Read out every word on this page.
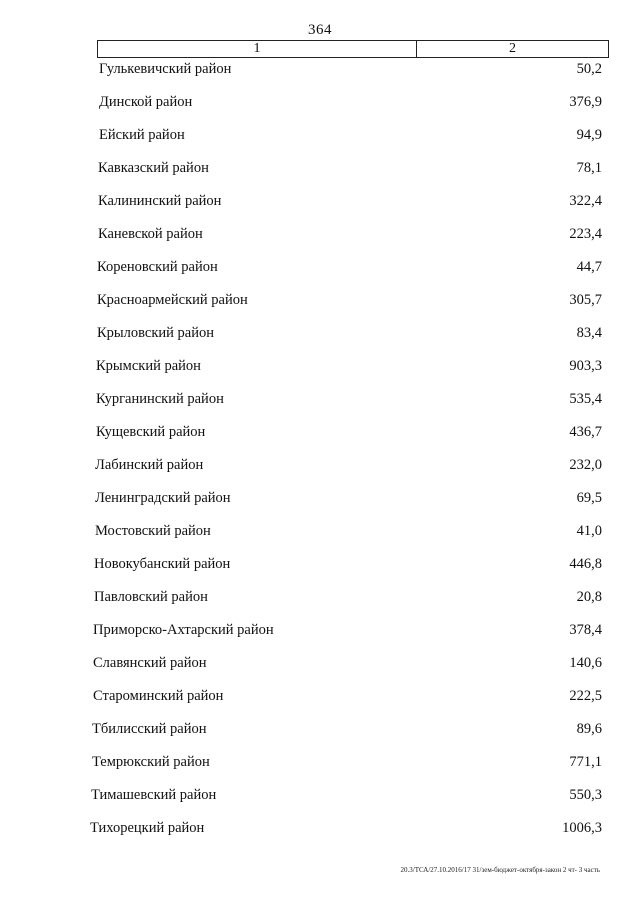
364
1	2
Гулькевичский район	50,2
Динской район	376,9
Ейский район	94,9
Кавказский район	78,1
Калининский район	322,4
Каневской район	223,4
Кореновский район	44,7
Красноармейский район	305,7
Крыловский район	83,4
Крымский район	903,3
Курганинский район	535,4
Кущевский район	436,7
Лабинский район	232,0
Ленинградский район	69,5
Мостовский район	41,0
Новокубанский район	446,8
Павловский район	20,8
Приморско-Ахтарский район	378,4
Славянский район	140,6
Староминский район	222,5
Тбилисский район	89,6
Темрюкский район	771,1
Тимашевский район	550,3
Тихорецкий район	1006,3
20.3/ТСА/27.10.2016/17 31/зем-бюджет-октября-закон 2 чт- 3 часть
